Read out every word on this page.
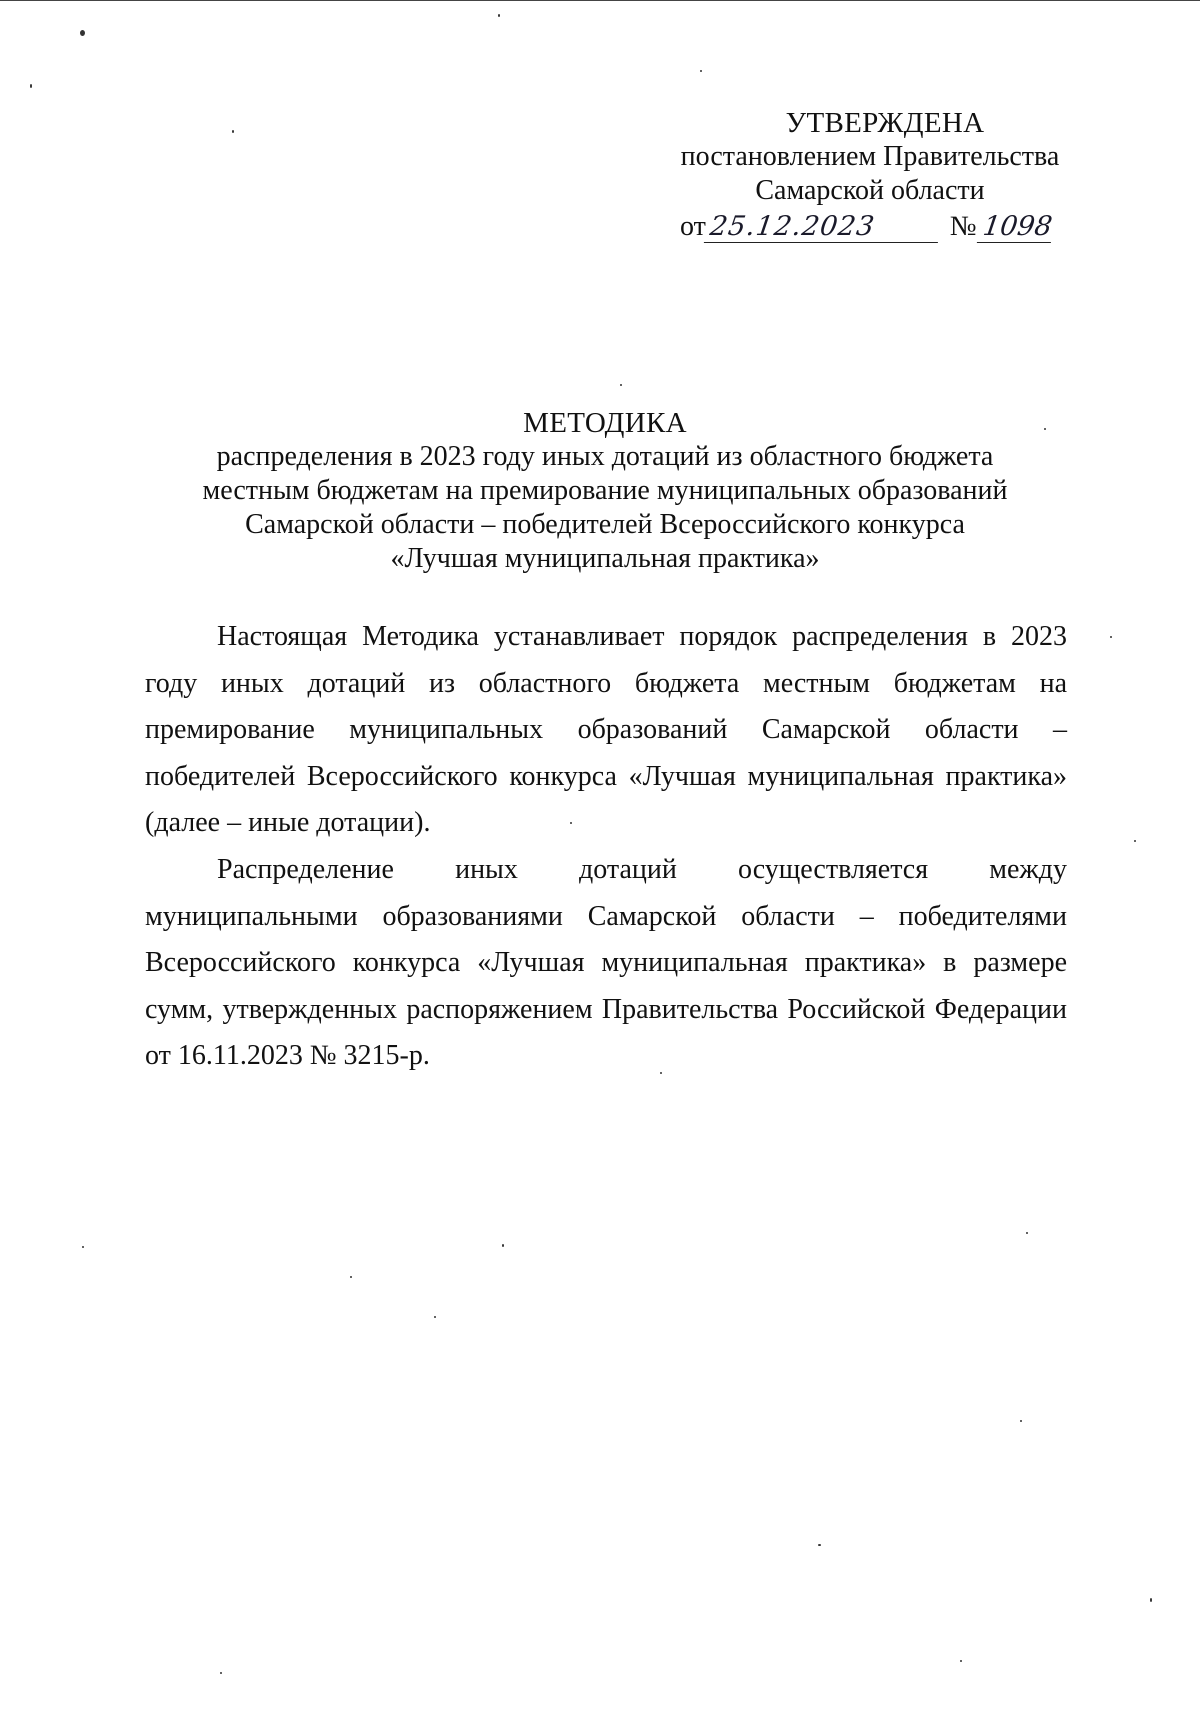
УТВЕРЖДЕНА
постановлением Правительства
Самарской области
от 25.12.2023	№ 1098
МЕТОДИКА
распределения в 2023 году иных дотаций из областного бюджета
местным бюджетам на премирование муниципальных образований
Самарской области – победителей Всероссийского конкурса
«Лучшая муниципальная практика»

Настоящая Методика устанавливает порядок распределения в 2023 году иных дотаций из областного бюджета местным бюджетам на премирование муниципальных образований Самарской области – победителей Всероссийского конкурса «Лучшая муниципальная практика» (далее – иные дотации).

Распределение иных дотаций осуществляется между муниципальными образованиями Самарской области – победителями Всероссийского конкурса «Лучшая муниципальная практика» в размере сумм, утвержденных распоряжением Правительства Российской Федерации от 16.11.2023 № 3215-р.
